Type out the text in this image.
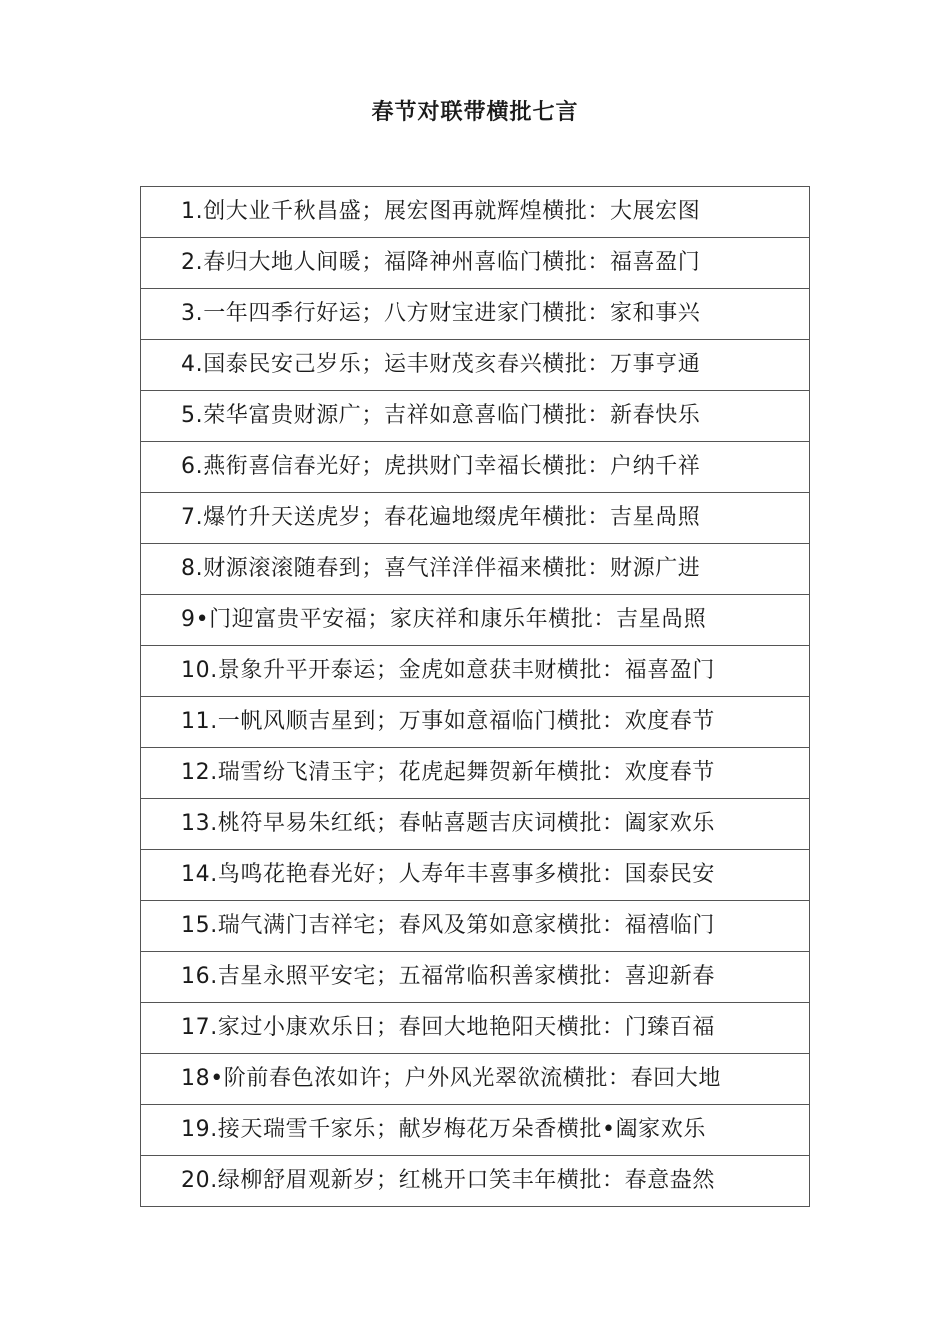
春节对联带横批七言
1.创大业千秋昌盛；展宏图再就辉煌横批：大展宏图
2.春归大地人间暖；福降神州喜临门横批：福喜盈门
3.一年四季行好运；八方财宝进家门横批：家和事兴
4.国泰民安己岁乐；运丰财茂亥春兴横批：万事亨通
5.荣华富贵财源广；吉祥如意喜临门横批：新春快乐
6.燕衔喜信春光好；虎拱财门幸福长横批：户纳千祥
7.爆竹升天送虎岁；春花遍地缀虎年横批：吉星咼照
8.财源滚滚随春到；喜气洋洋伴福来横批：财源广进
9•门迎富贵平安福；家庆祥和康乐年横批：吉星咼照
10.景象升平开泰运；金虎如意获丰财横批：福喜盈门
11.一帆风顺吉星到；万事如意福临门横批：欢度春节
12.瑞雪纷飞清玉宇；花虎起舞贺新年横批：欢度春节
13.桃符早易朱红纸；春帖喜题吉庆词横批：阖家欢乐
14.鸟鸣花艳春光好；人寿年丰喜事多横批：国泰民安
15.瑞气满门吉祥宅；春风及第如意家横批：福禧临门
16.吉星永照平安宅；五福常临积善家横批：喜迎新春
17.家过小康欢乐日；春回大地艳阳天横批：门臻百福
18•阶前春色浓如许；户外风光翠欲流横批：春回大地
19.接天瑞雪千家乐；献岁梅花万朵香横批•阖家欢乐
20.绿柳舒眉观新岁；红桃开口笑丰年横批：春意盎然
